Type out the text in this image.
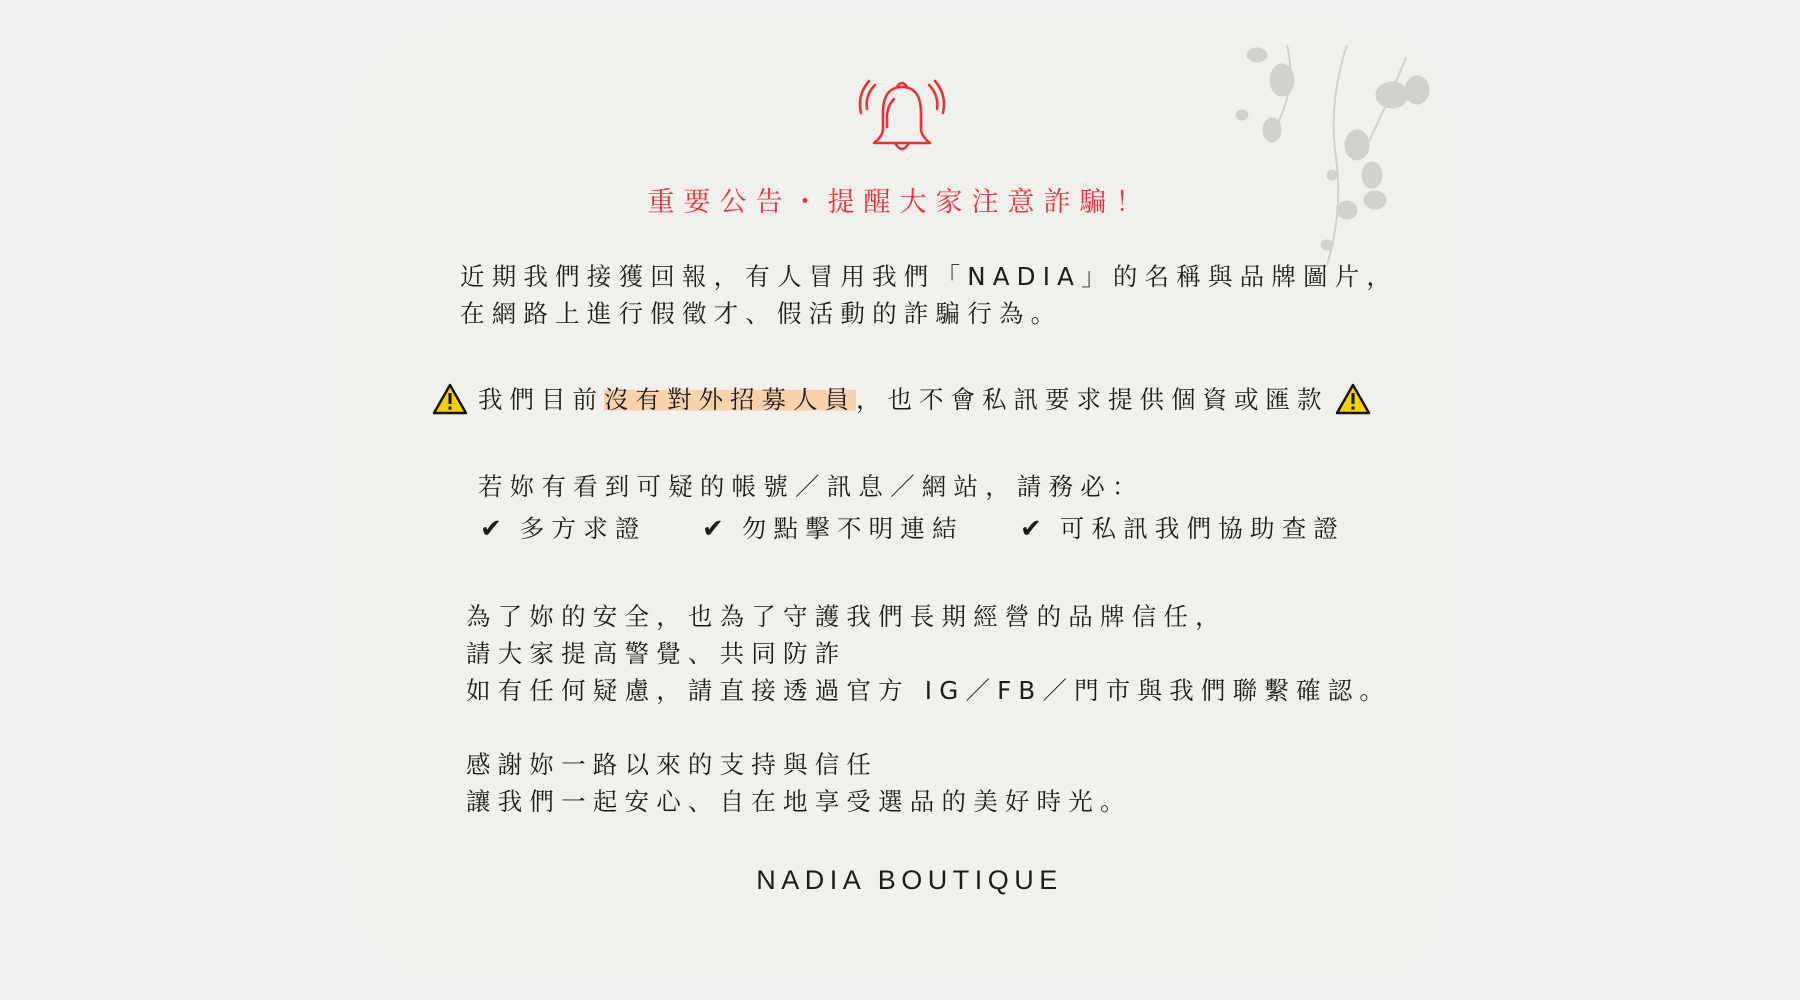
重要公告・提醒大家注意詐騙！
近期我們接獲回報，有人冒用我們「NADIA」的名稱與品牌圖片，
在網路上進行假徵才、假活動的詐騙行為。
我們目前沒有對外招募人員，也不會私訊要求提供個資或匯款
若妳有看到可疑的帳號／訊息／網站，請務必：
✔ 多方求證 ✔ 勿點擊不明連結 ✔ 可私訊我們協助查證
為了妳的安全，也為了守護我們長期經營的品牌信任，
請大家提高警覺、共同防詐
如有任何疑慮，請直接透過官方 IG／FB／門市與我們聯繫確認。
感謝妳一路以來的支持與信任
讓我們一起安心、自在地享受選品的美好時光。
NADIA BOUTIQUE
